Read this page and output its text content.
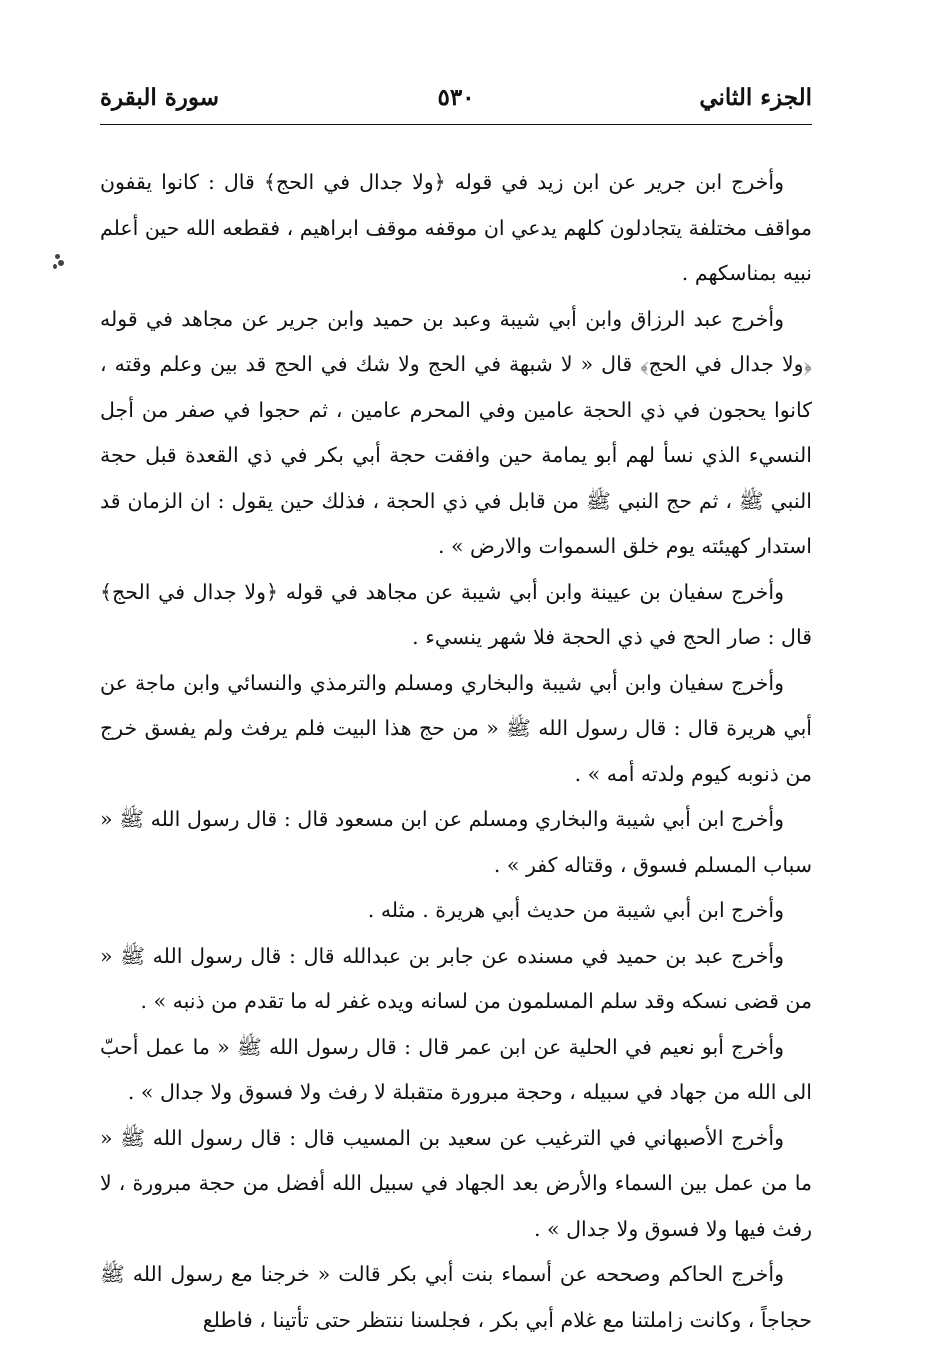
الجزء الثاني
٥٣٠
سورة البقرة

وأخرج ابن جرير عن ابن زيد في قوله ﴿ولا جدال في الحج﴾ قال : كانوا يقفون مواقف مختلفة يتجادلون كلهم يدعي ان موقفه موقف ابراهيم ، فقطعه الله حين أعلم نبيه بمناسكهم .

وأخرج عبد الرزاق وابن أبي شيبة وعبد بن حميد وابن جرير عن مجاهد في قوله ﴿ولا جدال في الحج﴾ قال « لا شبهة في الحج ولا شك في الحج قد بين وعلم وقته ، كانوا يحجون في ذي الحجة عامين وفي المحرم عامين ، ثم حجوا في صفر من أجل النسيء الذي نسأ لهم أبو يمامة حين وافقت حجة أبي بكر في ذي القعدة قبل حجة النبي ﷺ ، ثم حج النبي ﷺ من قابل في ذي الحجة ، فذلك حين يقول : ان الزمان قد استدار كهيئته يوم خلق السموات والارض » .

وأخرج سفيان بن عيينة وابن أبي شيبة عن مجاهد في قوله ﴿ولا جدال في الحج﴾ قال : صار الحج في ذي الحجة فلا شهر ينسيء .

وأخرج سفيان وابن أبي شيبة والبخاري ومسلم والترمذي والنسائي وابن ماجة عن أبي هريرة قال : قال رسول الله ﷺ « من حج هذا البيت فلم يرفث ولم يفسق خرج من ذنوبه كيوم ولدته أمه » .

وأخرج ابن أبي شيبة والبخاري ومسلم عن ابن مسعود قال : قال رسول الله ﷺ « سباب المسلم فسوق ، وقتاله كفر » .

وأخرج ابن أبي شيبة من حديث أبي هريرة . مثله .

وأخرج عبد بن حميد في مسنده عن جابر بن عبدالله قال : قال رسول الله ﷺ « من قضى نسكه وقد سلم المسلمون من لسانه ويده غفر له ما تقدم من ذنبه » .

وأخرج أبو نعيم في الحلية عن ابن عمر قال : قال رسول الله ﷺ « ما عمل أحبّ الى الله من جهاد في سبيله ، وحجة مبرورة متقبلة لا رفث ولا فسوق ولا جدال » .

وأخرج الأصبهاني في الترغيب عن سعيد بن المسيب قال : قال رسول الله ﷺ « ما من عمل بين السماء والأرض بعد الجهاد في سبيل الله أفضل من حجة مبرورة ، لا رفث فيها ولا فسوق ولا جدال » .

وأخرج الحاكم وصححه عن أسماء بنت أبي بكر قالت « خرجنا مع رسول الله ﷺ حجاجاً ، وكانت زاملتنا مع غلام أبي بكر ، فجلسنا ننتظر حتى تأتينا ، فاطلع
